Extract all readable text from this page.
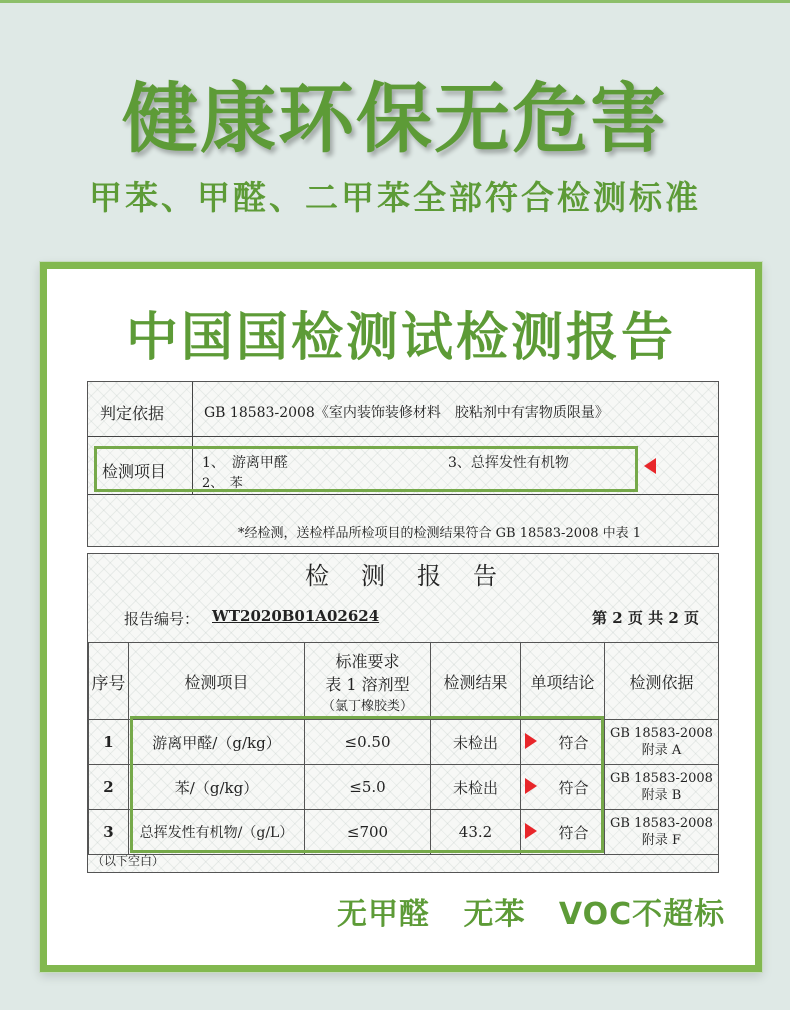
健康环保无危害
甲苯、甲醛、二甲苯全部符合检测标准
中国国检测试检测报告
判定依据	GB 18583-2008《室内装饰装修材料　胶粘剂中有害物质限量》
检测项目	1、　游离甲醛
2、　苯
3、总挥发性有机物
*经检测，送检样品所检项目的检测结果符合 GB 18583-2008 中表 1
检　测　报　告
报告编号： WT2020B01A02624	第 2 页 共 2 页
序号	检测项目	标准要求
表 1 溶剂型
（氯丁橡胶类）	检测结果	单项结论	检测依据
1	游离甲醛/（g/kg）	≤0.50	未检出	符合	GB 18583-2008
附录 A

2	苯/（g/kg）	≤5.0	未检出	符合	GB 18583-2008
附录 B

3	总挥发性有机物/（g/L）	≤700	43.2	符合	GB 18583-2008
附录 F
（以下空白）
无甲醛 无苯 VOC不超标
